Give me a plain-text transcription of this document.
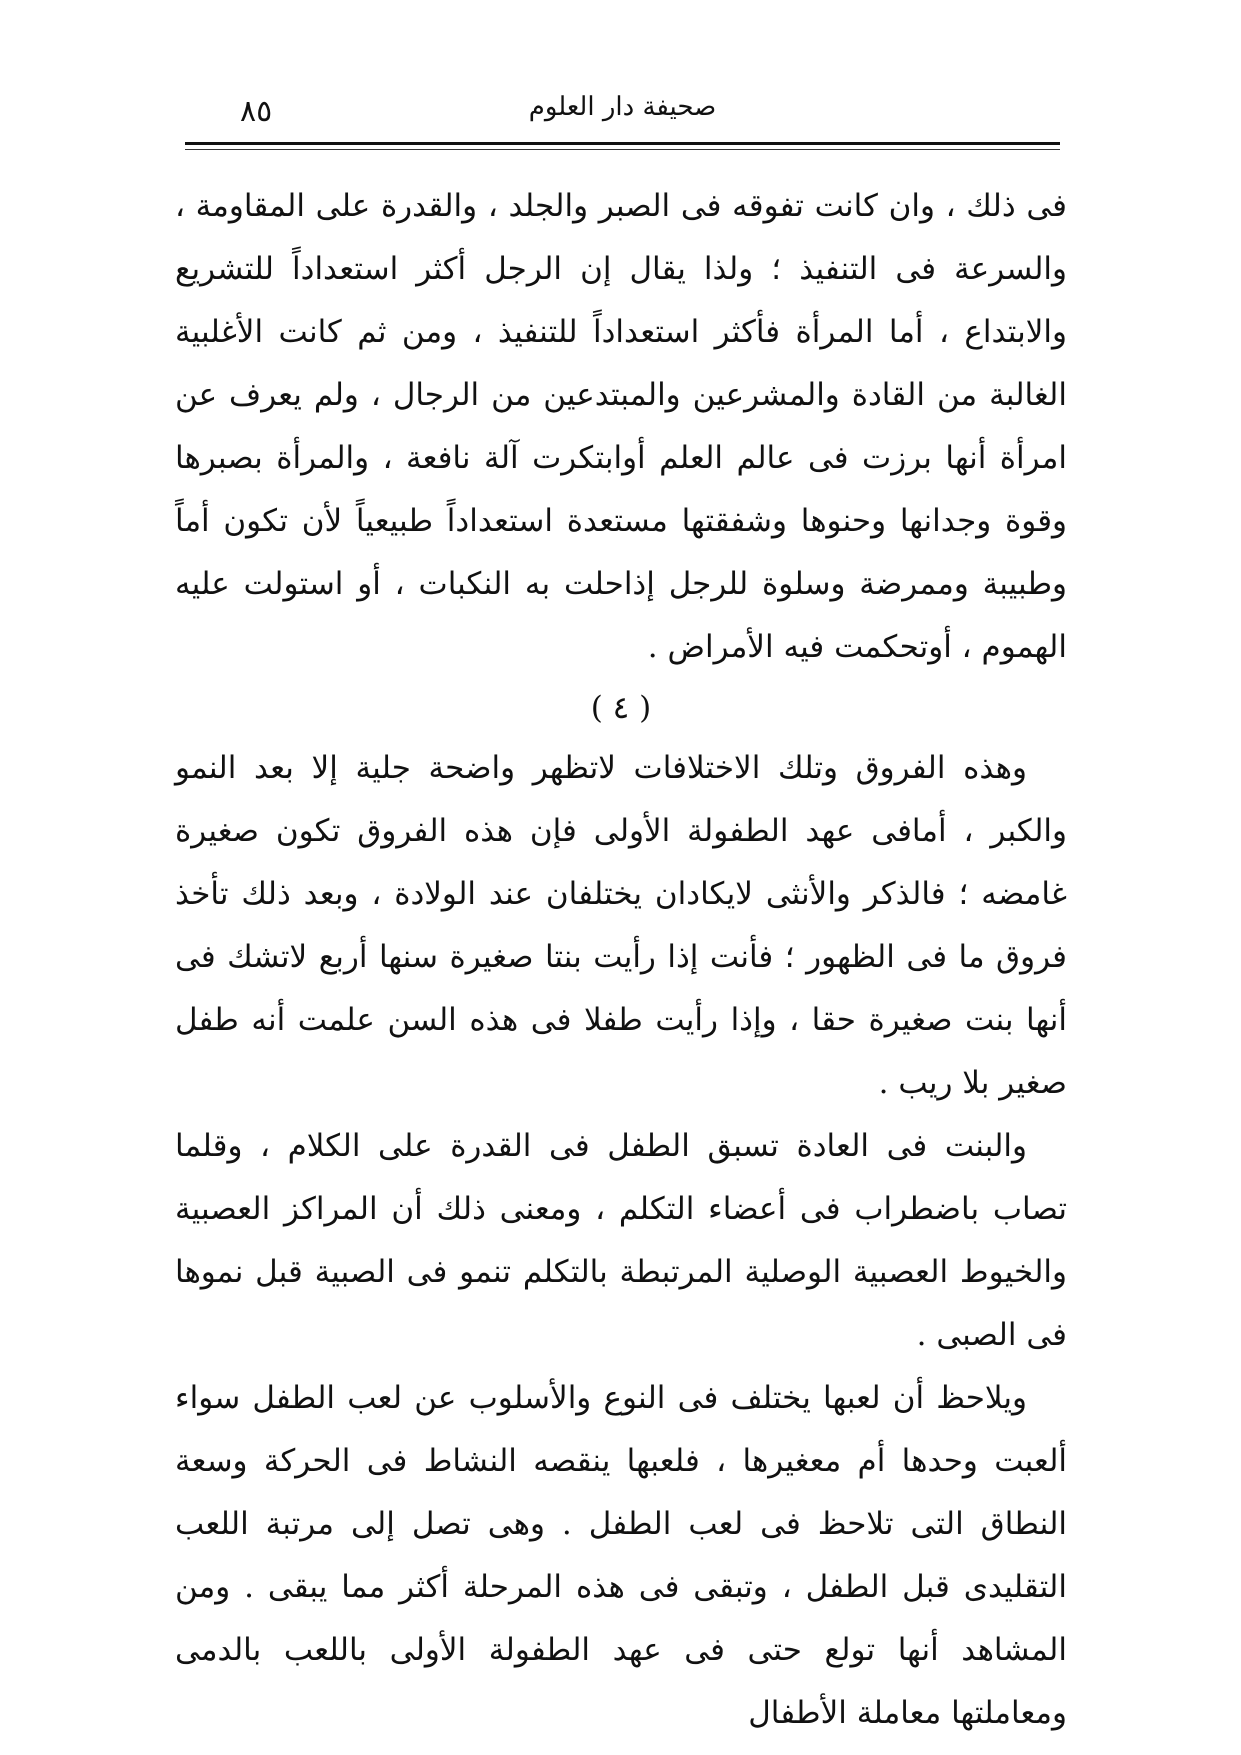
٨٥	صحيفة دار العلوم

فى ذلك ، وان كانت تفوقه فى الصبر والجلد ، والقدرة على المقاومة ، والسرعة فى التنفيذ ؛ ولذا يقال إن الرجل أكثر استعداداً للتشريع والابتداع ، أما المرأة فأكثر استعداداً للتنفيذ ، ومن ثم كانت الأغلبية الغالبة من القادة والمشرعين والمبتدعين من الرجال ، ولم يعرف عن امرأة أنها برزت فى عالم العلم أوابتكرت آلة نافعة ، والمرأة بصبرها وقوة وجدانها وحنوها وشفقتها مستعدة استعداداً طبيعياً لأن تكون أماً وطبيبة وممرضة وسلوة للرجل إذاحلت به النكبات ، أو استولت عليه الهموم ، أوتحكمت فيه الأمراض .

( ٤ )

وهذه الفروق وتلك الاختلافات لاتظهر واضحة جلية إلا بعد النمو والكبر ، أمافى عهد الطفولة الأولى فإن هذه الفروق تكون صغيرة غامضه ؛ فالذكر والأنثى لايكادان يختلفان عند الولادة ، وبعد ذلك تأخذ فروق ما فى الظهور ؛ فأنت إذا رأيت بنتا صغيرة سنها أربع لاتشك فى أنها بنت صغيرة حقا ، وإذا رأيت طفلا فى هذه السن علمت أنه طفل صغير بلا ريب .

والبنت فى العادة تسبق الطفل فى القدرة على الكلام ، وقلما تصاب باضطراب فى أعضاء التكلم ، ومعنى ذلك أن المراكز العصبية والخيوط العصبية الوصلية المرتبطة بالتكلم تنمو فى الصبية قبل نموها فى الصبى .

ويلاحظ أن لعبها يختلف فى النوع والأسلوب عن لعب الطفل سواء ألعبت وحدها أم معغيرها ، فلعبها ينقصه النشاط فى الحركة وسعة النطاق التى تلاحظ فى لعب الطفل . وهى تصل إلى مرتبة اللعب التقليدى قبل الطفل ، وتبقى فى هذه المرحلة أكثر مما يبقى . ومن المشاهد أنها تولع حتى فى عهد الطفولة الأولى باللعب بالدمى ومعاملتها معاملة الأطفال
